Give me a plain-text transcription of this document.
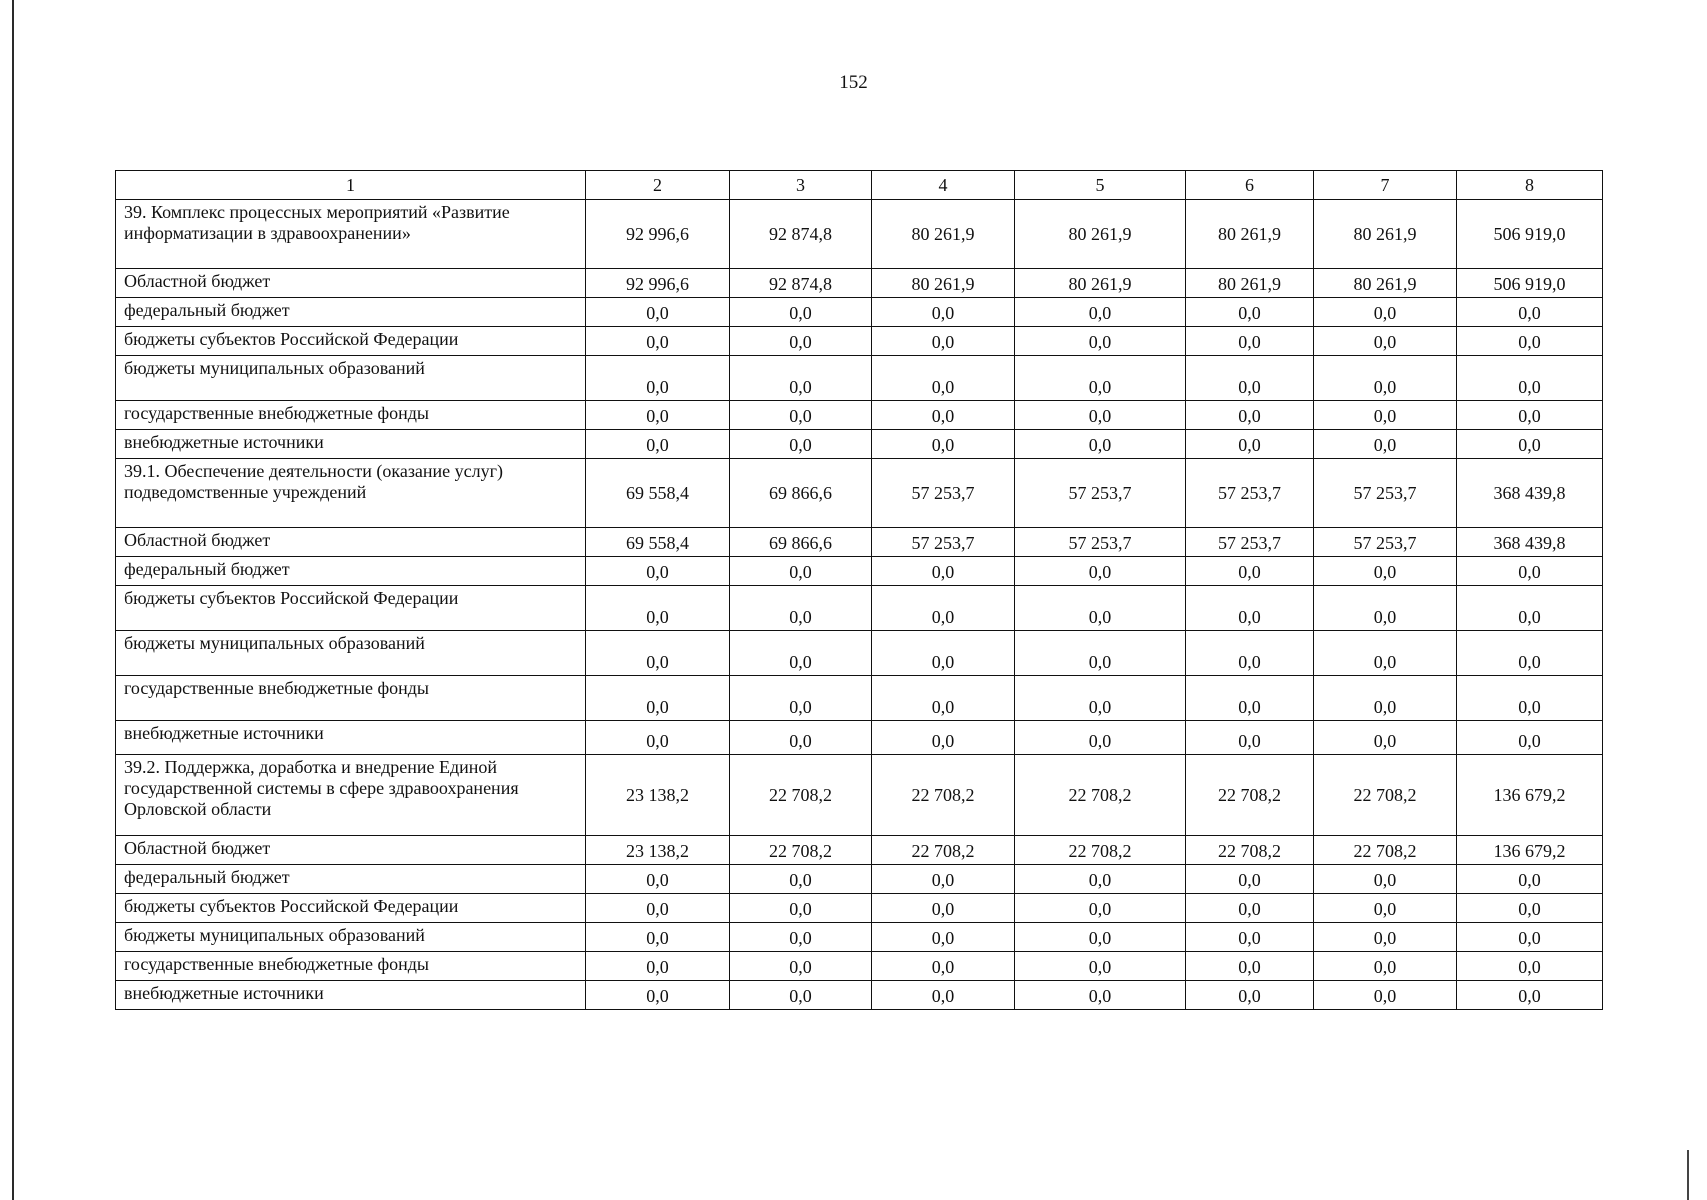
152
1	2	3	4	5	6	7	8
39. Комплекс процессных мероприятий «Развитие информатизации в здравоохранении»	92 996,6	92 874,8	80 261,9	80 261,9	80 261,9	80 261,9	506 919,0
Областной бюджет	92 996,6	92 874,8	80 261,9	80 261,9	80 261,9	80 261,9	506 919,0
федеральный бюджет	0,0	0,0	0,0	0,0	0,0	0,0	0,0
бюджеты субъектов Российской Федерации	0,0	0,0	0,0	0,0	0,0	0,0	0,0
бюджеты муниципальных образований	0,0	0,0	0,0	0,0	0,0	0,0	0,0
государственные внебюджетные фонды	0,0	0,0	0,0	0,0	0,0	0,0	0,0
внебюджетные источники	0,0	0,0	0,0	0,0	0,0	0,0	0,0
39.1. Обеспечение деятельности (оказание услуг) подведомственные учреждений	69 558,4	69 866,6	57 253,7	57 253,7	57 253,7	57 253,7	368 439,8
Областной бюджет	69 558,4	69 866,6	57 253,7	57 253,7	57 253,7	57 253,7	368 439,8
федеральный бюджет	0,0	0,0	0,0	0,0	0,0	0,0	0,0
бюджеты субъектов Российской Федерации	0,0	0,0	0,0	0,0	0,0	0,0	0,0
бюджеты муниципальных образований	0,0	0,0	0,0	0,0	0,0	0,0	0,0
государственные внебюджетные фонды	0,0	0,0	0,0	0,0	0,0	0,0	0,0
внебюджетные источники	0,0	0,0	0,0	0,0	0,0	0,0	0,0
39.2. Поддержка, доработка и внедрение Единой государственной системы в сфере здравоохранения Орловской области	23 138,2	22 708,2	22 708,2	22 708,2	22 708,2	22 708,2	136 679,2
Областной бюджет	23 138,2	22 708,2	22 708,2	22 708,2	22 708,2	22 708,2	136 679,2
федеральный бюджет	0,0	0,0	0,0	0,0	0,0	0,0	0,0
бюджеты субъектов Российской Федерации	0,0	0,0	0,0	0,0	0,0	0,0	0,0
бюджеты муниципальных образований	0,0	0,0	0,0	0,0	0,0	0,0	0,0
государственные внебюджетные фонды	0,0	0,0	0,0	0,0	0,0	0,0	0,0
внебюджетные источники	0,0	0,0	0,0	0,0	0,0	0,0	0,0
